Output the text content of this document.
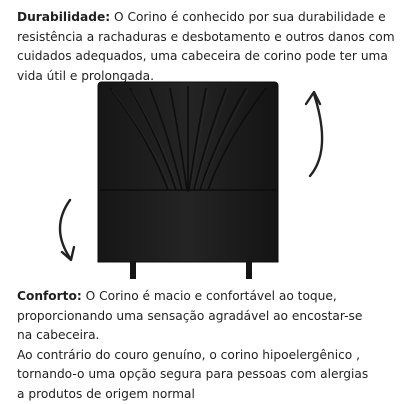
Durabilidade: O Corino é conhecido por sua durabilidade e
resistência a rachaduras e desbotamento e outros danos com
cuidados adequados, uma cabeceira de corino pode ter uma
vida útil e prolongada.
Conforto: O Corino é macio e confortável ao toque,
proporcionando uma sensação agradável ao encostar-se
na cabeceira.
Ao contrário do couro genuíno, o corino hipoelergênico ,
tornando-o uma opção segura para pessoas com alergias
a produtos de origem normal
